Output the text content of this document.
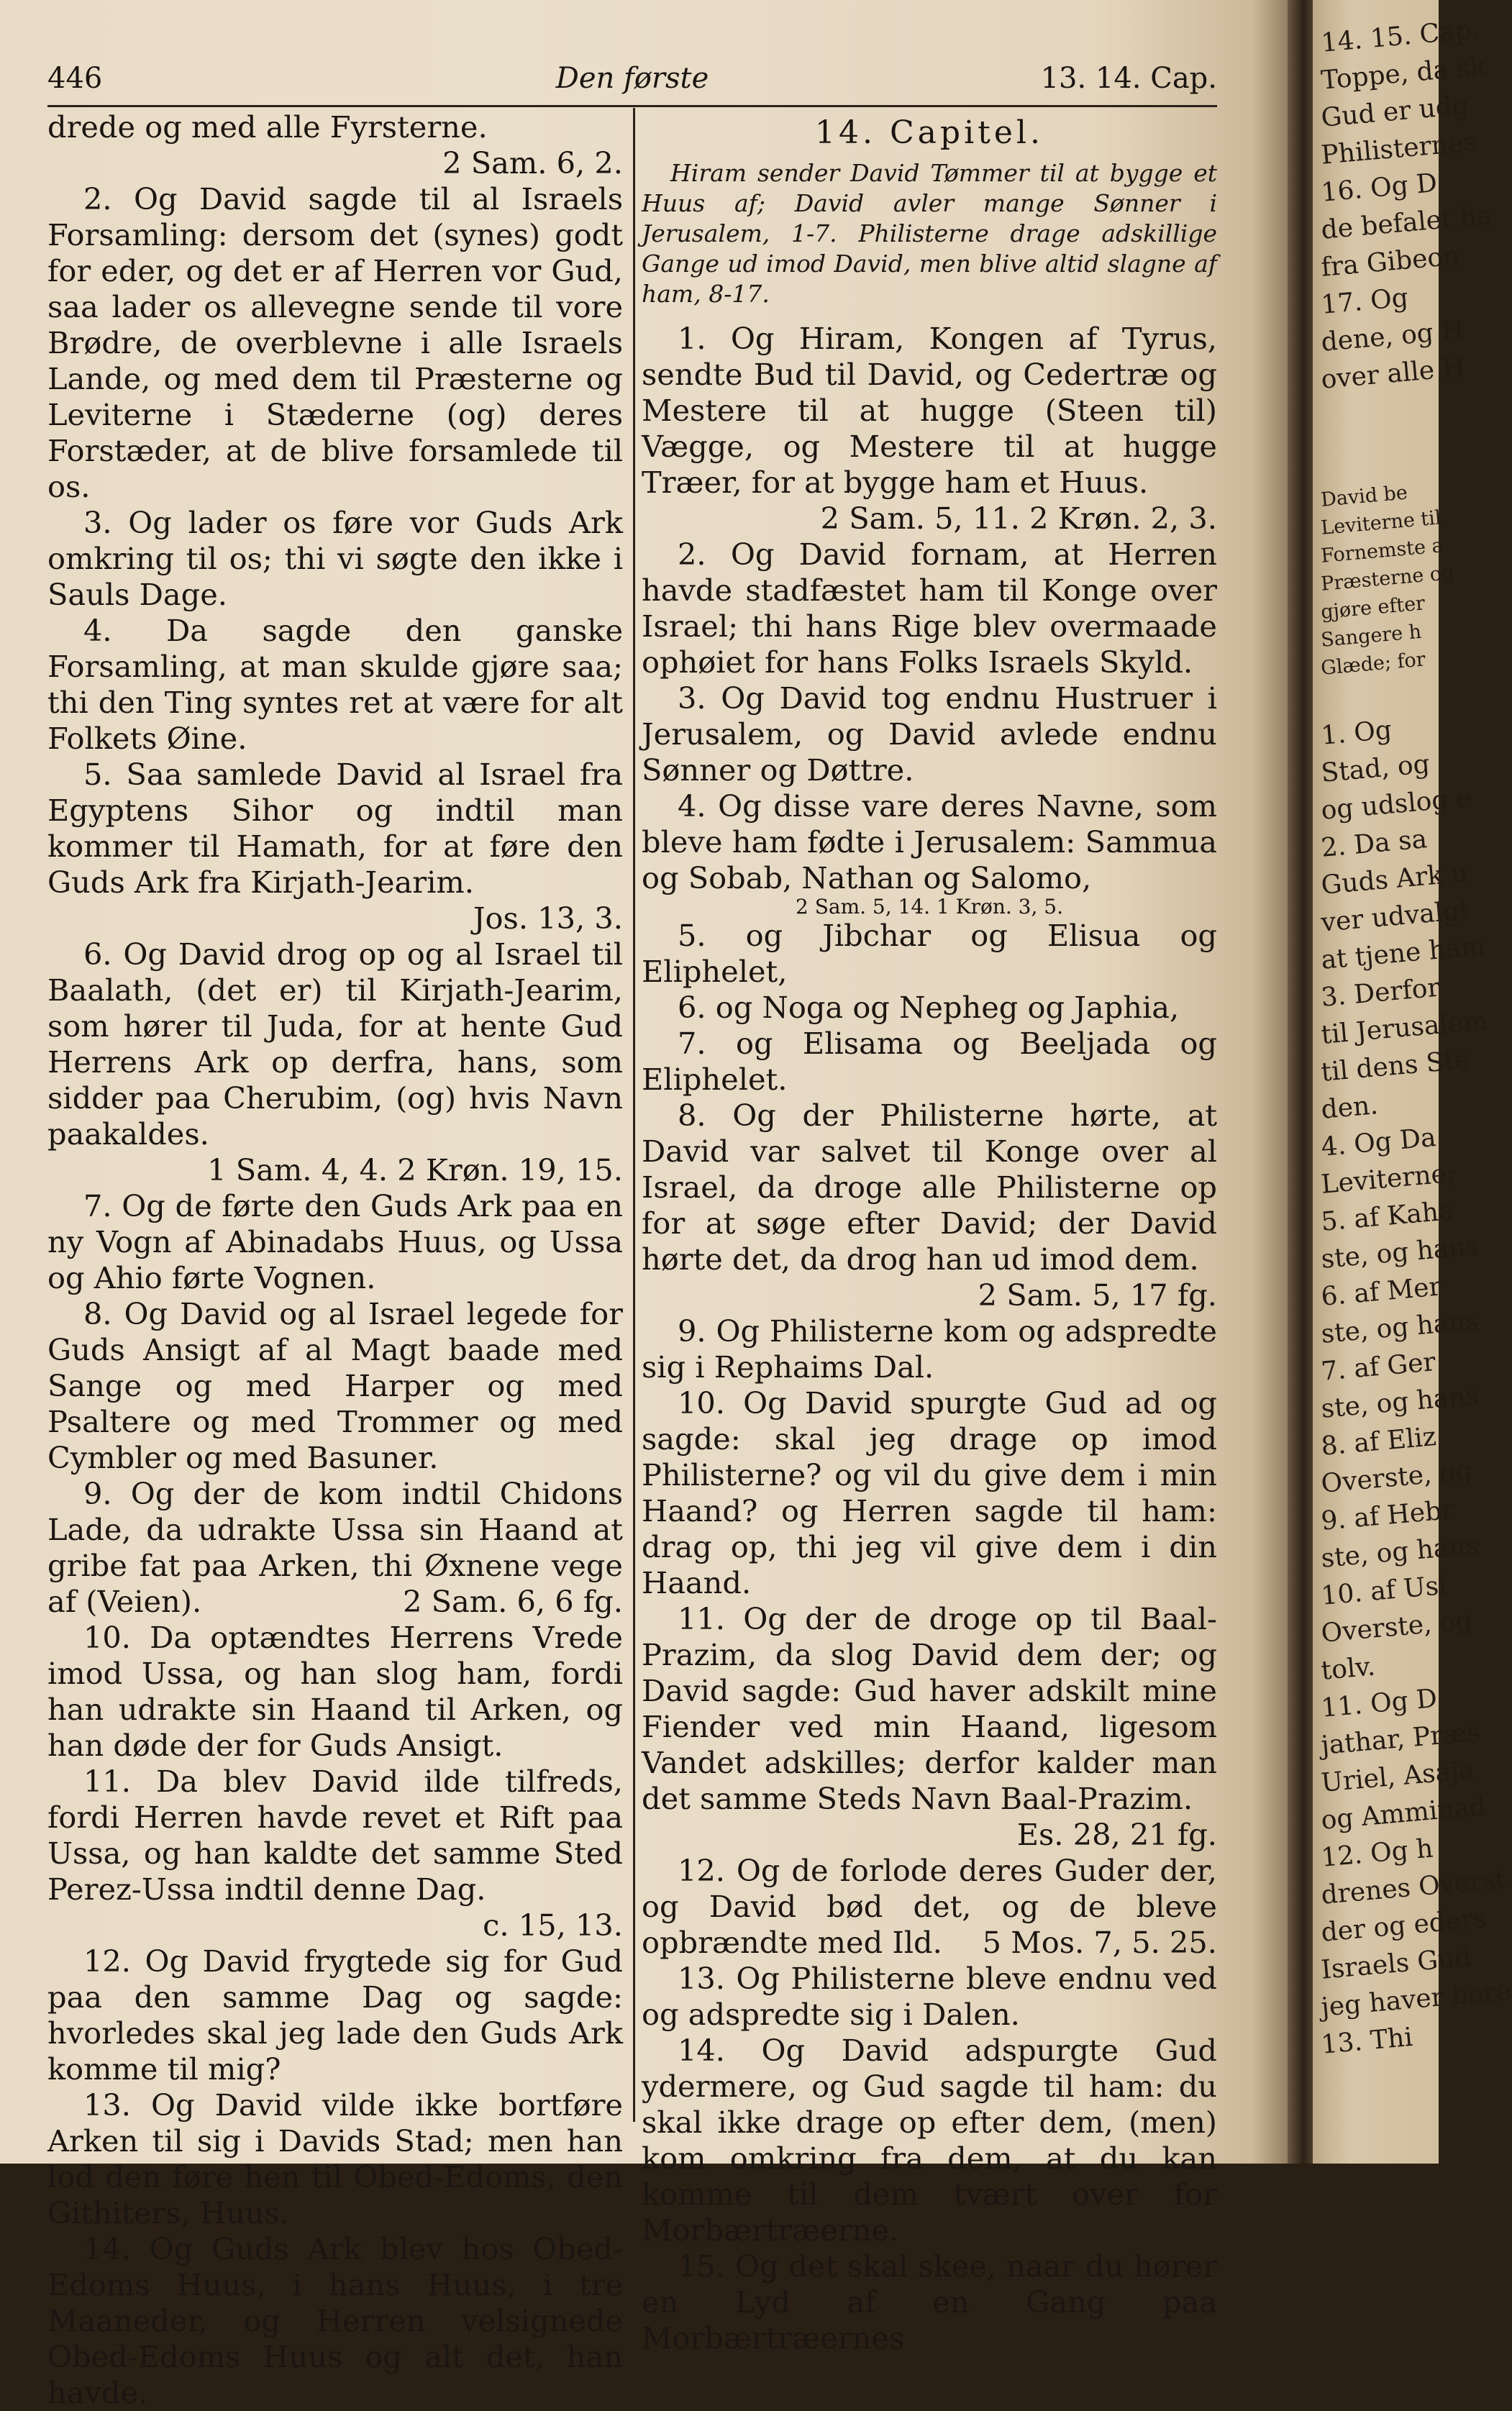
446	Den første	13. 14. Cap.

drede og med alle Fyrsterne.
2 Sam. 6, 2.

2. Og David sagde til al Israels Forsamling: dersom det (synes) godt for eder, og det er af Herren vor Gud, saa lader os allevegne sende til vore Brødre, de overblevne i alle Israels Lande, og med dem til Præsterne og Leviterne i Stæderne (og) deres Forstæder, at de blive forsamlede til os.

3. Og lader os føre vor Guds Ark omkring til os; thi vi søgte den ikke i Sauls Dage.

4. Da sagde den ganske Forsamling, at man skulde gjøre saa; thi den Ting syntes ret at være for alt Folkets Øine.

5. Saa samlede David al Israel fra Egyptens Sihor og indtil man kommer til Hamath, for at føre den Guds Ark fra Kirjath-Jearim.
Jos. 13, 3.

6. Og David drog op og al Israel til Baalath, (det er) til Kirjath-Jearim, som hører til Juda, for at hente Gud Herrens Ark op derfra, hans, som sidder paa Cherubim, (og) hvis Navn paakaldes.
1 Sam. 4, 4. 2 Krøn. 19, 15.

7. Og de førte den Guds Ark paa en ny Vogn af Abinadabs Huus, og Ussa og Ahio førte Vognen.

8. Og David og al Israel legede for Guds Ansigt af al Magt baade med Sange og med Harper og med Psaltere og med Trommer og med Cymbler og med Basuner.

9. Og der de kom indtil Chidons Lade, da udrakte Ussa sin Haand at gribe fat paa Arken, thi Øxnene vege af (Veien).	2 Sam. 6, 6 fg.

10. Da optændtes Herrens Vrede imod Ussa, og han slog ham, fordi han udrakte sin Haand til Arken, og han døde der for Guds Ansigt.

11. Da blev David ilde tilfreds, fordi Herren havde revet et Rift paa Ussa, og han kaldte det samme Sted Perez-Ussa indtil denne Dag.
c. 15, 13.

12. Og David frygtede sig for Gud paa den samme Dag og sagde: hvorledes skal jeg lade den Guds Ark komme til mig?

13. Og David vilde ikke bortføre Arken til sig i Davids Stad; men han lod den føre hen til Obed-Edoms, den Githiters, Huus.

14. Og Guds Ark blev hos Obed-Edoms Huus, i hans Huus, i tre Maaneder, og Herren velsignede Obed-Edoms Huus og alt det, han havde.

14. Capitel.

Hiram sender David Tømmer til at bygge et Huus af; David avler mange Sønner i Jerusalem, 1-7. Philisterne drage adskillige Gange ud imod David, men blive altid slagne af ham, 8-17.

1. Og Hiram, Kongen af Tyrus, sendte Bud til David, og Cedertræ og Mestere til at hugge (Steen til) Vægge, og Mestere til at hugge Træer, for at bygge ham et Huus.
2 Sam. 5, 11. 2 Krøn. 2, 3.

2. Og David fornam, at Herren havde stadfæstet ham til Konge over Israel; thi hans Rige blev overmaade ophøiet for hans Folks Israels Skyld.

3. Og David tog endnu Hustruer i Jerusalem, og David avlede endnu Sønner og Døttre.

4. Og disse vare deres Navne, som bleve ham fødte i Jerusalem: Sammua og Sobab, Nathan og Salomo,

2 Sam. 5, 14. 1 Krøn. 3, 5.

5. og Jibchar og Elisua og Eliphelet,

6. og Noga og Nepheg og Japhia,

7. og Elisama og Beeljada og Eliphelet.

8. Og der Philisterne hørte, at David var salvet til Konge over al Israel, da droge alle Philisterne op for at søge efter David; der David hørte det, da drog han ud imod dem.
2 Sam. 5, 17 fg.

9. Og Philisterne kom og adspredte sig i Rephaims Dal.

10. Og David spurgte Gud ad og sagde: skal jeg drage op imod Philisterne? og vil du give dem i min Haand? og Herren sagde til ham: drag op, thi jeg vil give dem i din Haand.

11. Og der de droge op til Baal-Prazim, da slog David dem der; og David sagde: Gud haver adskilt mine Fiender ved min Haand, ligesom Vandet adskilles; derfor kalder man det samme Steds Navn Baal-Prazim.
Es. 28, 21 fg.

12. Og de forlode deres Guder der, og David bød det, og de bleve opbrændte med Ild.	5 Mos. 7, 5. 25.

13. Og Philisterne bleve endnu ved og adspredte sig i Dalen.

14. Og David adspurgte Gud ydermere, og Gud sagde til ham: du skal ikke drage op efter dem, (men) kom omkring fra dem, at du kan komme til dem tvært over for Morbærtræerne.

15. Og det skal skee, naar du hører en Lyd af en Gang paa Morbærtræernes

14. 15. Cap.
Toppe, da sk
Gud er udg
Philisternes
16. Og D
de befalet ha
fra Gibeon
17. Og
dene, og H
over alle H
David be
Leviterne til
Fornemste a
Præsterne og
gjøre efter
Sangere h
Glæde; for
1. Og
Stad, og
og udslog e
2. Da sa
Guds Ark u
ver udvalgt
at tjene ham
3. Derfor
til Jerusalem
til dens Ste
den.
4. Og Da
Leviterne;
5. af Kaha
ste, og hans
6. af Mer
ste, og hans
7. af Ger
ste, og hans
8. af Eliz
Overste, og
9. af Hebr
ste, og hans
10. af Usi
Overste, og
tolv.
11. Og D
jathar, Præs
Uriel, Asaja
og Amminad
12. Og h
drenes Overst
der og eders
Israels Gud
jeg haver bere
13. Thi
